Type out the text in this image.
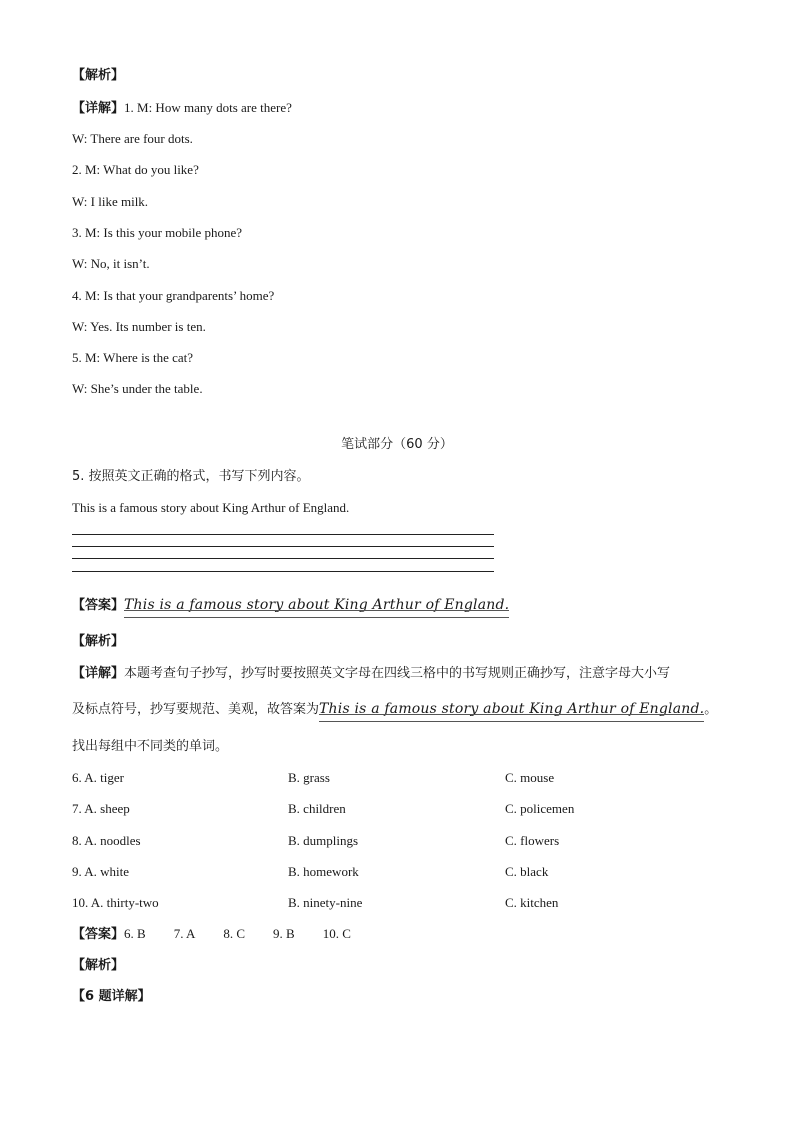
【解析】
【详解】1. M: How many dots are there?
W: There are four dots.
2. M: What do you like?
W: I like milk.
3. M: Is this your mobile phone?
W: No, it isn’t.
4. M: Is that your grandparents’ home?
W: Yes. Its number is ten.
5. M: Where is the cat?
W: She’s under the table.
笔试部分（60 分）
5. 按照英文正确的格式，书写下列内容。
This is a famous story about King Arthur of England.
【答案】This is a famous story about King Arthur of England.
【解析】
【详解】本题考查句子抄写，抄写时要按照英文字母在四线三格中的书写规则正确抄写，注意字母大小写
及标点符号，抄写要规范、美观，故答案为This is a famous story about King Arthur of England.
。
找出每组中不同类的单词。
6. A. tiger	B. grass	C. mouse
7. A. sheep	B. children	C. policemen
8. A. noodles	B. dumplings	C. flowers
9. A. white	B. homework	C. black
10. A. thirty-two	B. ninety-nine	C. kitchen
【答案】6. B 7. A 8. C 9. B 10. C
【解析】
【6 题详解】
